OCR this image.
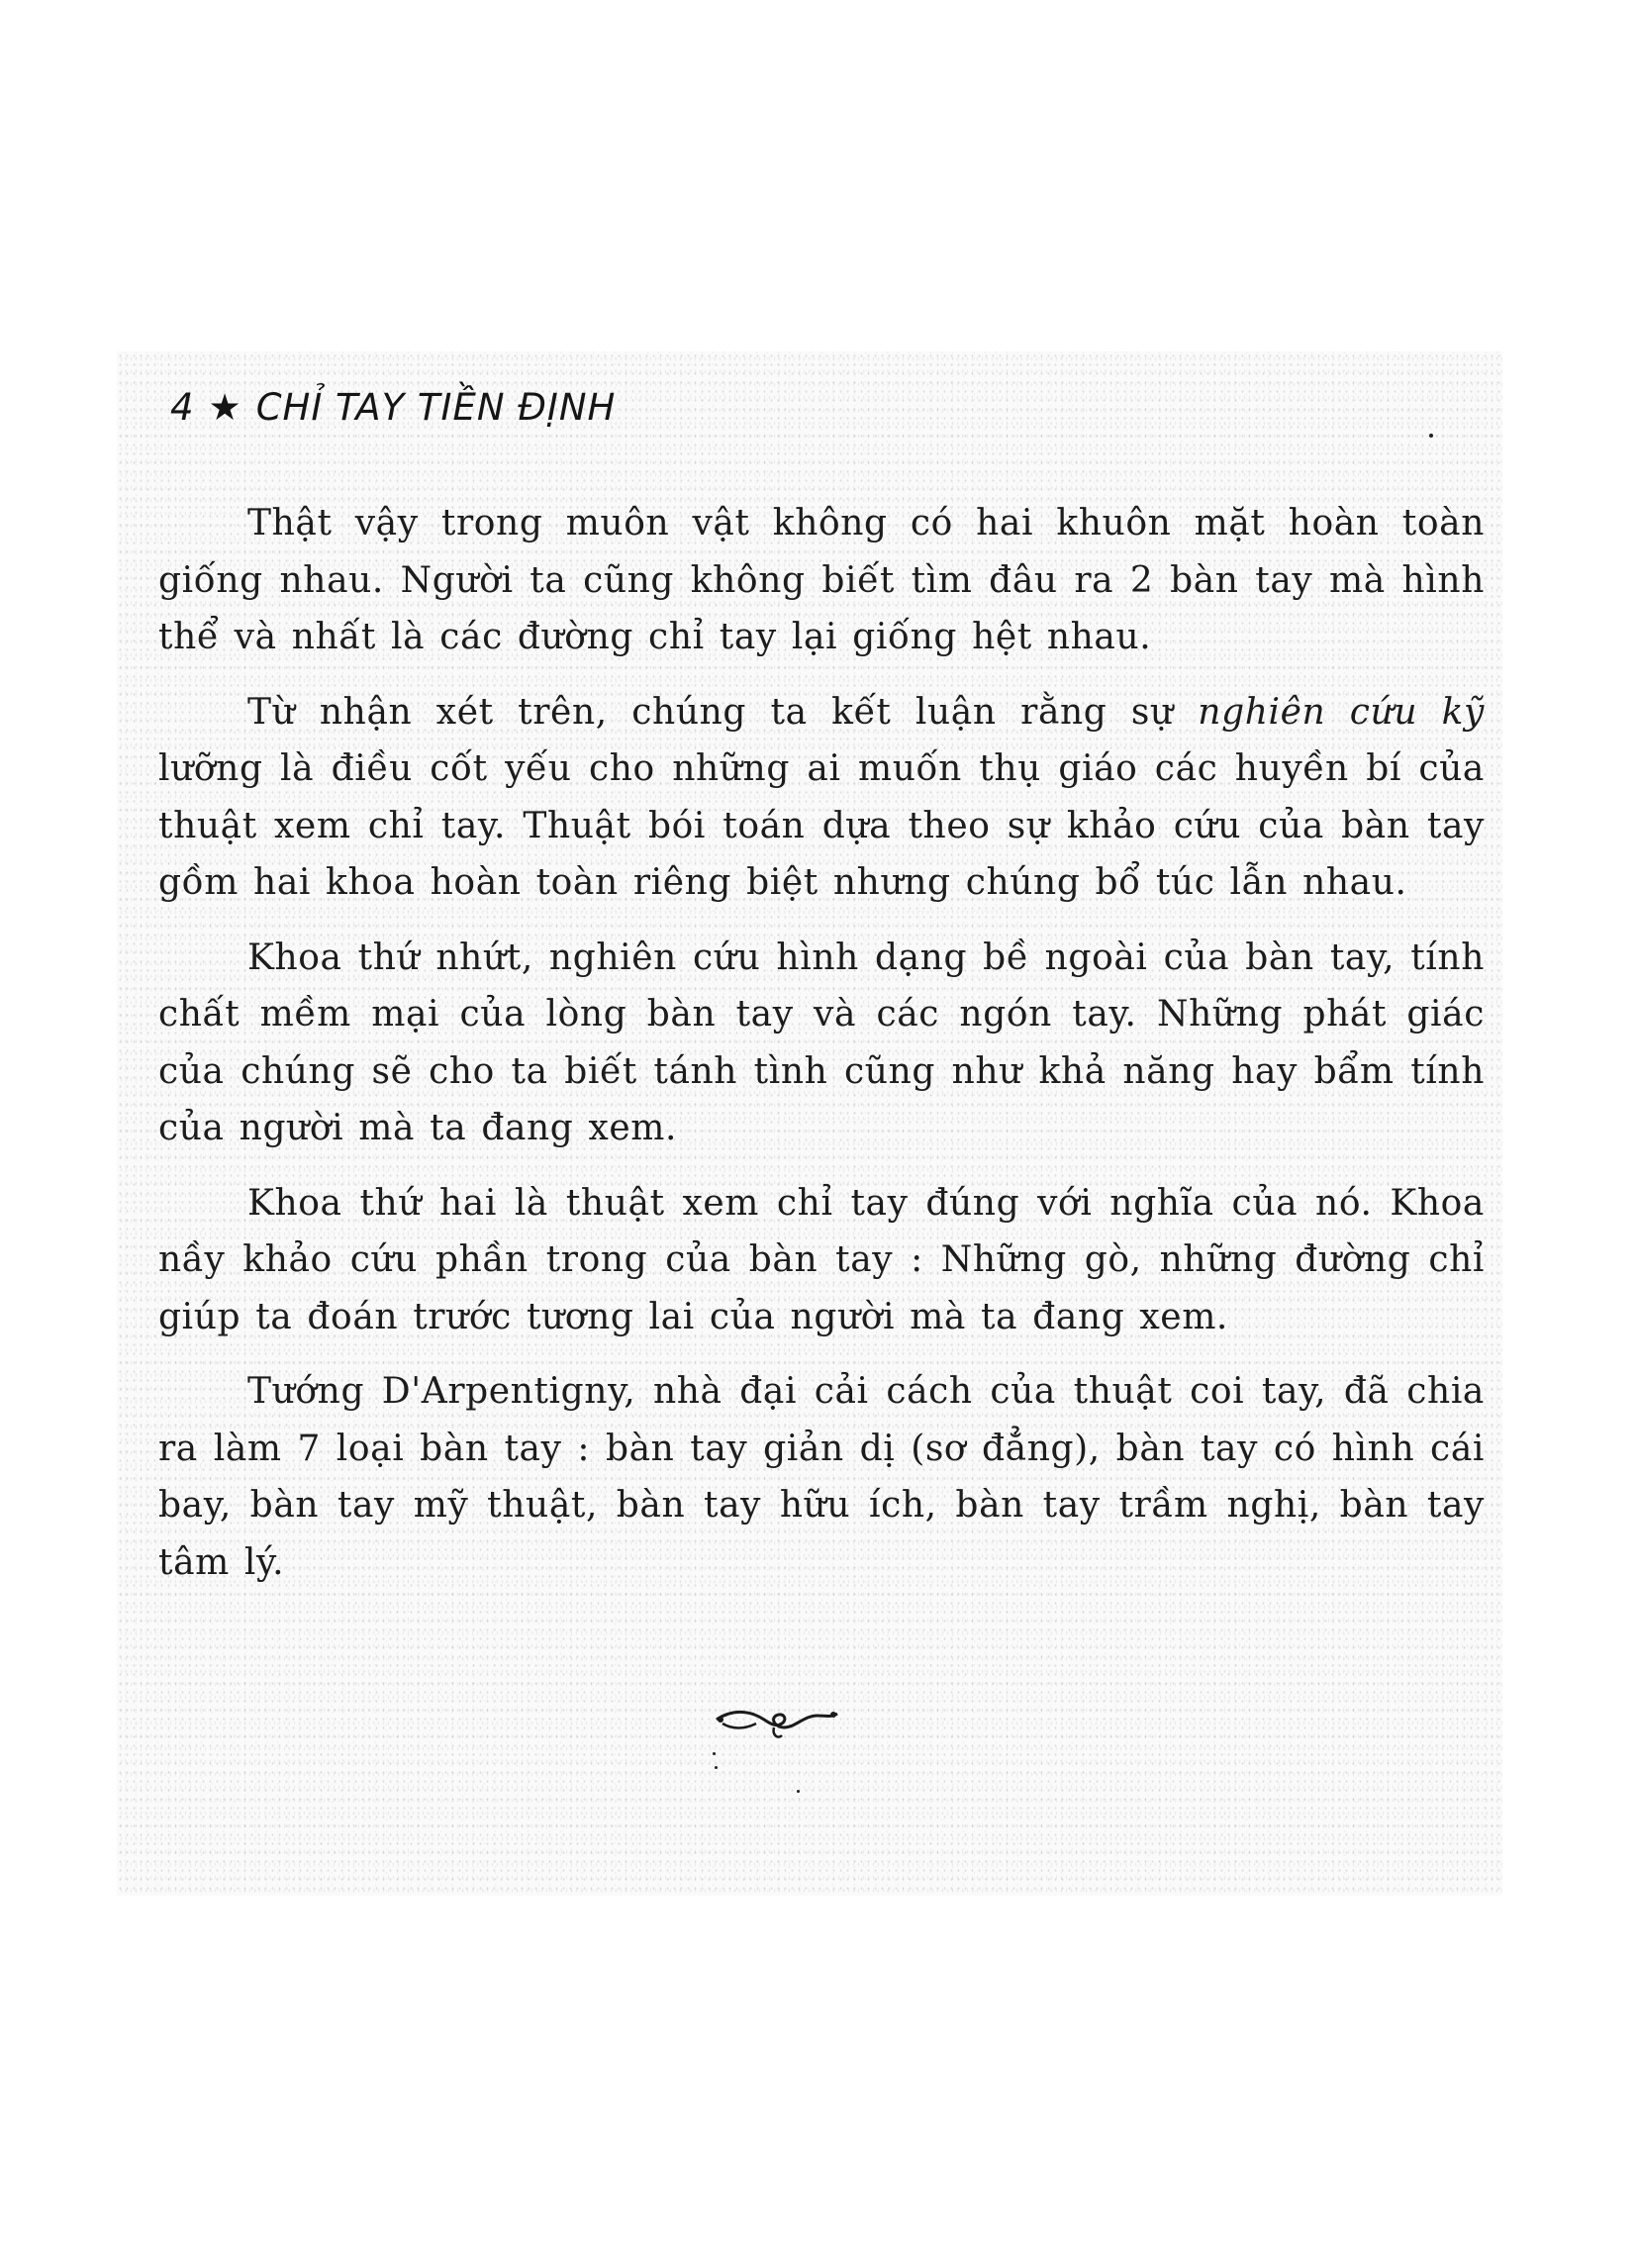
4 ★ CHỈ TAY TIỀN ĐỊNH

Thật vậy trong muôn vật không có hai khuôn mặt hoàn toàn giống nhau. Người ta cũng không biết tìm đâu ra 2 bàn tay mà hình thể và nhất là các đường chỉ tay lại giống hệt nhau.

Từ nhận xét trên, chúng ta kết luận rằng sự nghiên cứu kỹ lưỡng là điều cốt yếu cho những ai muốn thụ giáo các huyền bí của thuật xem chỉ tay. Thuật bói toán dựa theo sự khảo cứu của bàn tay gồm hai khoa hoàn toàn riêng biệt nhưng chúng bổ túc lẫn nhau.

Khoa thứ nhứt, nghiên cứu hình dạng bề ngoài của bàn tay, tính chất mềm mại của lòng bàn tay và các ngón tay. Những phát giác của chúng sẽ cho ta biết tánh tình cũng như khả năng hay bẩm tính của người mà ta đang xem.

Khoa thứ hai là thuật xem chỉ tay đúng với nghĩa của nó. Khoa nầy khảo cứu phần trong của bàn tay : Những gò, những đường chỉ giúp ta đoán trước tương lai của người mà ta đang xem.

Tướng D'Arpentigny, nhà đại cải cách của thuật coi tay, đã chia ra làm 7 loại bàn tay : bàn tay giản dị (sơ đẳng), bàn tay có hình cái bay, bàn tay mỹ thuật, bàn tay hữu ích, bàn tay trầm nghị, bàn tay tâm lý.
